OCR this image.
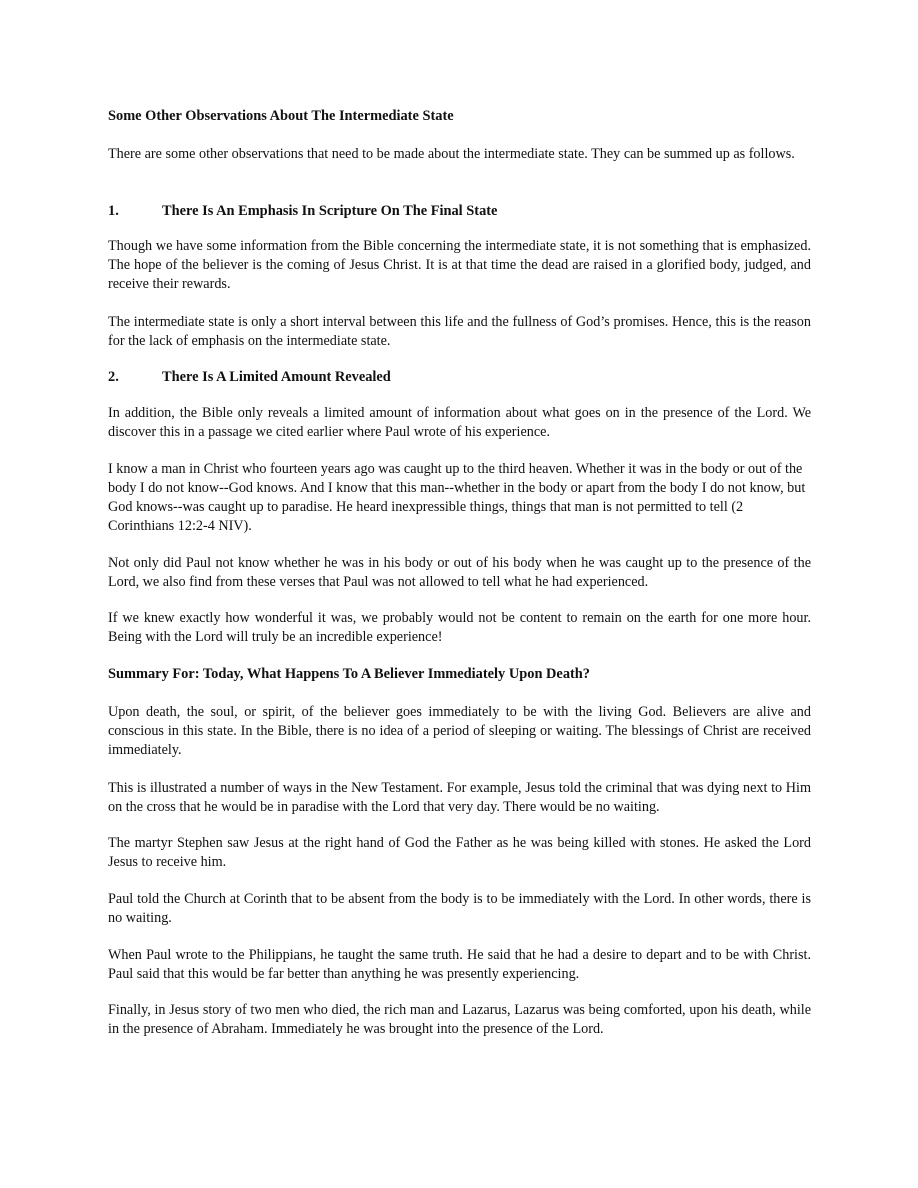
Some Other Observations About The Intermediate State

There are some other observations that need to be made about the intermediate state. They can be summed up as follows.

1.	There Is An Emphasis In Scripture On The Final State

Though we have some information from the Bible concerning the intermediate state, it is not something that is emphasized. The hope of the believer is the coming of Jesus Christ. It is at that time the dead are raised in a glorified body, judged, and receive their rewards.

The intermediate state is only a short interval between this life and the fullness of God’s promises. Hence, this is the reason for the lack of emphasis on the intermediate state.

2.	There Is A Limited Amount Revealed

In addition, the Bible only reveals a limited amount of information about what goes on in the presence of the Lord. We discover this in a passage we cited earlier where Paul wrote of his experience.

I know a man in Christ who fourteen years ago was caught up to the third heaven. Whether it was in the body or out of the body I do not know--God knows. And I know that this man--whether in the body or apart from the body I do not know, but God knows--was caught up to paradise. He heard inexpressible things, things that man is not permitted to tell (2 Corinthians 12:2-4 NIV).

Not only did Paul not know whether he was in his body or out of his body when he was caught up to the presence of the Lord, we also find from these verses that Paul was not allowed to tell what he had experienced.

If we knew exactly how wonderful it was, we probably would not be content to remain on the earth for one more hour. Being with the Lord will truly be an incredible experience!

Summary For: Today, What Happens To A Believer Immediately Upon Death?

Upon death, the soul, or spirit, of the believer goes immediately to be with the living God. Believers are alive and conscious in this state. In the Bible, there is no idea of a period of sleeping or waiting. The blessings of Christ are received immediately.

This is illustrated a number of ways in the New Testament. For example, Jesus told the criminal that was dying next to Him on the cross that he would be in paradise with the Lord that very day. There would be no waiting.

The martyr Stephen saw Jesus at the right hand of God the Father as he was being killed with stones. He asked the Lord Jesus to receive him.

Paul told the Church at Corinth that to be absent from the body is to be immediately with the Lord. In other words, there is no waiting.

When Paul wrote to the Philippians, he taught the same truth. He said that he had a desire to depart and to be with Christ. Paul said that this would be far better than anything he was presently experiencing.

Finally, in Jesus story of two men who died, the rich man and Lazarus, Lazarus was being comforted, upon his death, while in the presence of Abraham. Immediately he was brought into the presence of the Lord.
